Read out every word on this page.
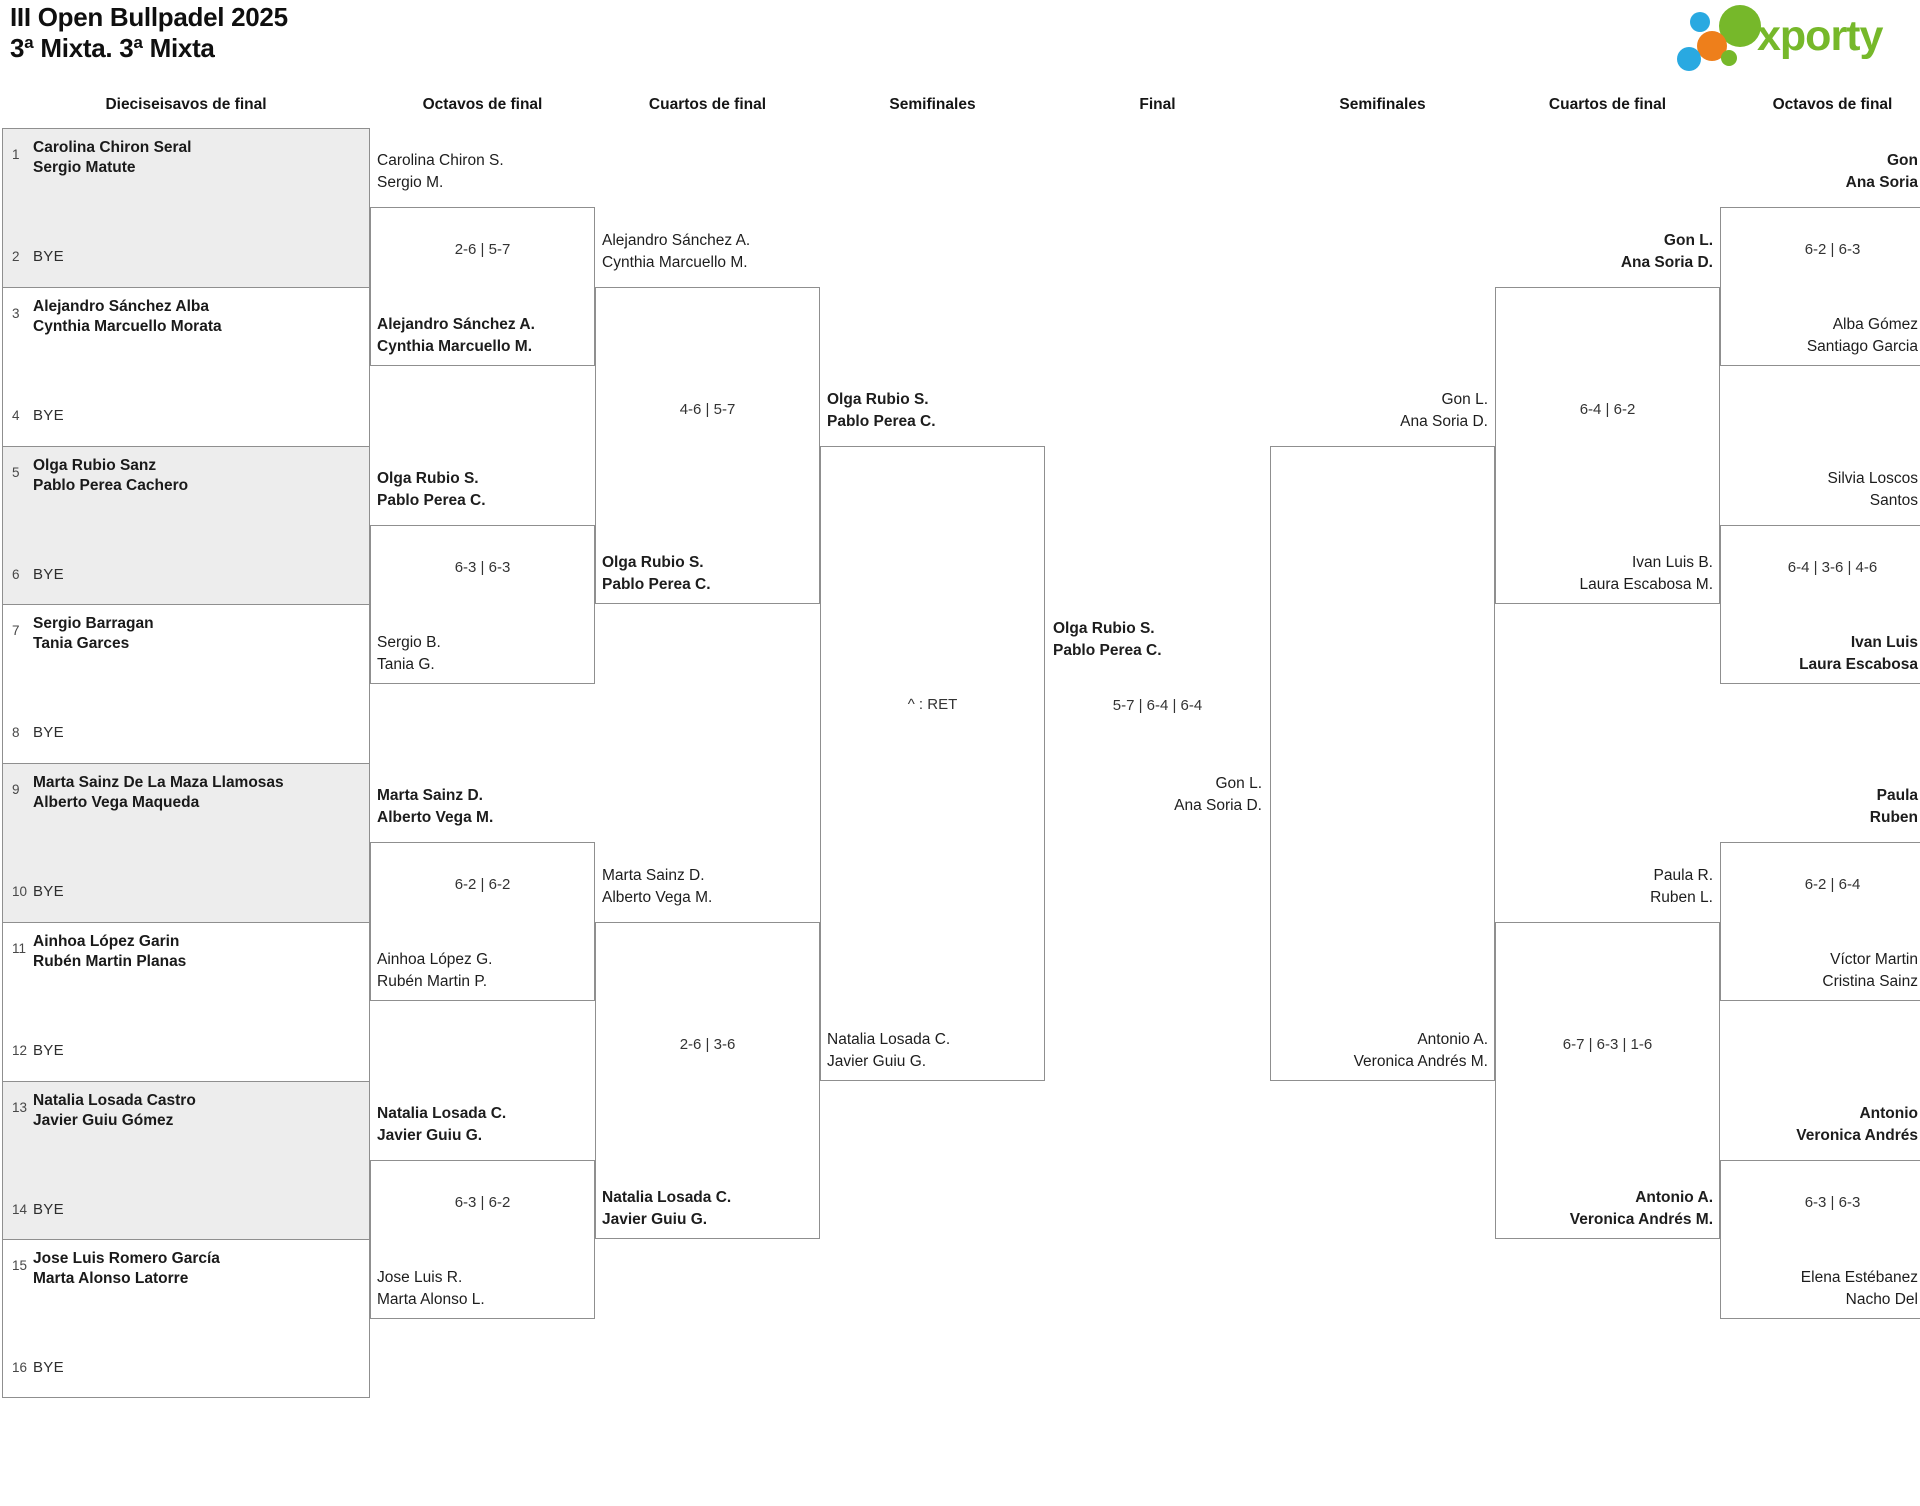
III Open Bullpadel 2025
3ª Mixta. 3ª Mixta	xporty
Dieciseisavos de final	Octavos de final	Cuartos de final	Semifinales	Final	Semifinales	Cuartos de final	Octavos de final
1 Carolina Chiron Seral
Sergio Matute
2 BYE
3 Alejandro Sánchez Alba
Cynthia Marcuello Morata
4 BYE
5 Olga Rubio Sanz
Pablo Perea Cachero
6 BYE
7 Sergio Barragan
Tania Garces
8 BYE
9 Marta Sainz De La Maza Llamosas
Alberto Vega Maqueda
10 BYE
11 Ainhoa López Garin
Rubén Martin Planas
12 BYE
13 Natalia Losada Castro
Javier Guiu Gómez
14 BYE
15 Jose Luis Romero García
Marta Alonso Latorre
16 BYE
Carolina Chiron S.
Sergio M.
2-6 | 5-7
Alejandro Sánchez A.
Cynthia Marcuello M.
Olga Rubio S.
Pablo Perea C.
6-3 | 6-3
Sergio B.
Tania G.
Marta Sainz D.
Alberto Vega M.
6-2 | 6-2
Ainhoa López G.
Rubén Martin P.
Natalia Losada C.
Javier Guiu G.
6-3 | 6-2
Jose Luis R.
Marta Alonso L.
Alejandro Sánchez A.
Cynthia Marcuello M.
4-6 | 5-7
Olga Rubio S.
Pablo Perea C.
Marta Sainz D.
Alberto Vega M.
2-6 | 3-6
Natalia Losada C.
Javier Guiu G.
Olga Rubio S.
Pablo Perea C.
^ : RET
Natalia Losada C.
Javier Guiu G.
Olga Rubio S.
Pablo Perea C.
5-7 | 6-4 | 6-4
Gon L.
Ana Soria D.
Gon L.
Ana Soria D.
Antonio A.
Veronica Andrés M.
Gon L.
Ana Soria D.
6-4 | 6-2
Ivan Luis B.
Laura Escabosa M.
Paula R.
Ruben L.
6-7 | 6-3 | 1-6
Antonio A.
Veronica Andrés M.
Gon
Ana Soria
6-2 | 6-3
Alba Gómez
Santiago Garcia
Silvia Loscos
Santos
6-4 | 3-6 | 4-6
Ivan Luis
Laura Escabosa
Paula
Ruben
6-2 | 6-4
Víctor Martin
Cristina Sainz
Antonio
Veronica Andrés
6-3 | 6-3
Elena Estébanez
Nacho Del
